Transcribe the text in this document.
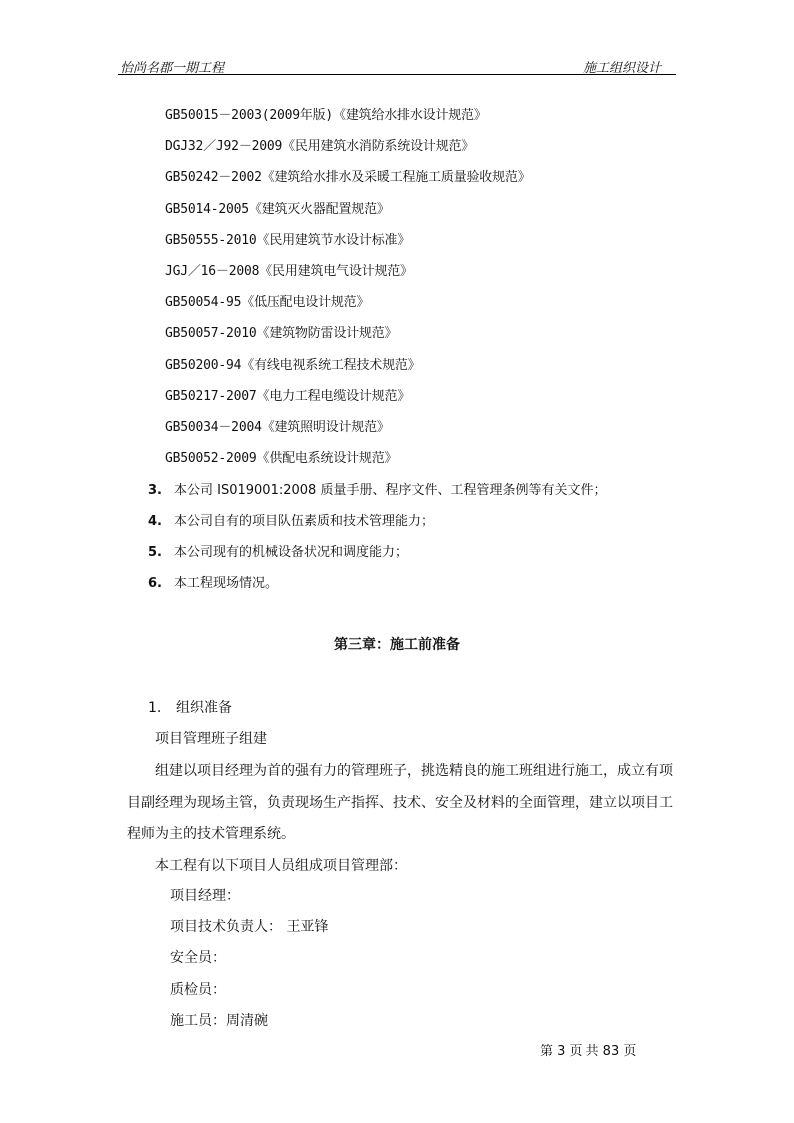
怡尚名郡一期工程	施工组织设计
GB50015－2003(2009年版)《建筑给水排水设计规范》
DGJ32／J92－2009《民用建筑水消防系统设计规范》
GB50242－2002《建筑给水排水及采暖工程施工质量验收规范》
GB5014-2005《建筑灭火器配置规范》
GB50555-2010《民用建筑节水设计标准》
JGJ／16－2008《民用建筑电气设计规范》
GB50054-95《低压配电设计规范》
GB50057-2010《建筑物防雷设计规范》
GB50200-94《有线电视系统工程技术规范》
GB50217-2007《电力工程电缆设计规范》
GB50034－2004《建筑照明设计规范》
GB50052-2009《供配电系统设计规范》
3. 本公司 IS019001:2008 质量手册、程序文件、工程管理条例等有关文件；
4. 本公司自有的项目队伍素质和技术管理能力；
5. 本公司现有的机械设备状况和调度能力；
6. 本工程现场情况。
第三章：施工前准备
1. 组织准备
项目管理班子组建
组建以项目经理为首的强有力的管理班子，挑选精良的施工班组进行施工，成立有项
目副经理为现场主管，负责现场生产指挥、技术、安全及材料的全面管理，建立以项目工
程师为主的技术管理系统。
本工程有以下项目人员组成项目管理部：
项目经理：
项目技术负责人： 王亚锋
安全员：
质检员：
施工员：周清碗
第 3 页 共 83 页
